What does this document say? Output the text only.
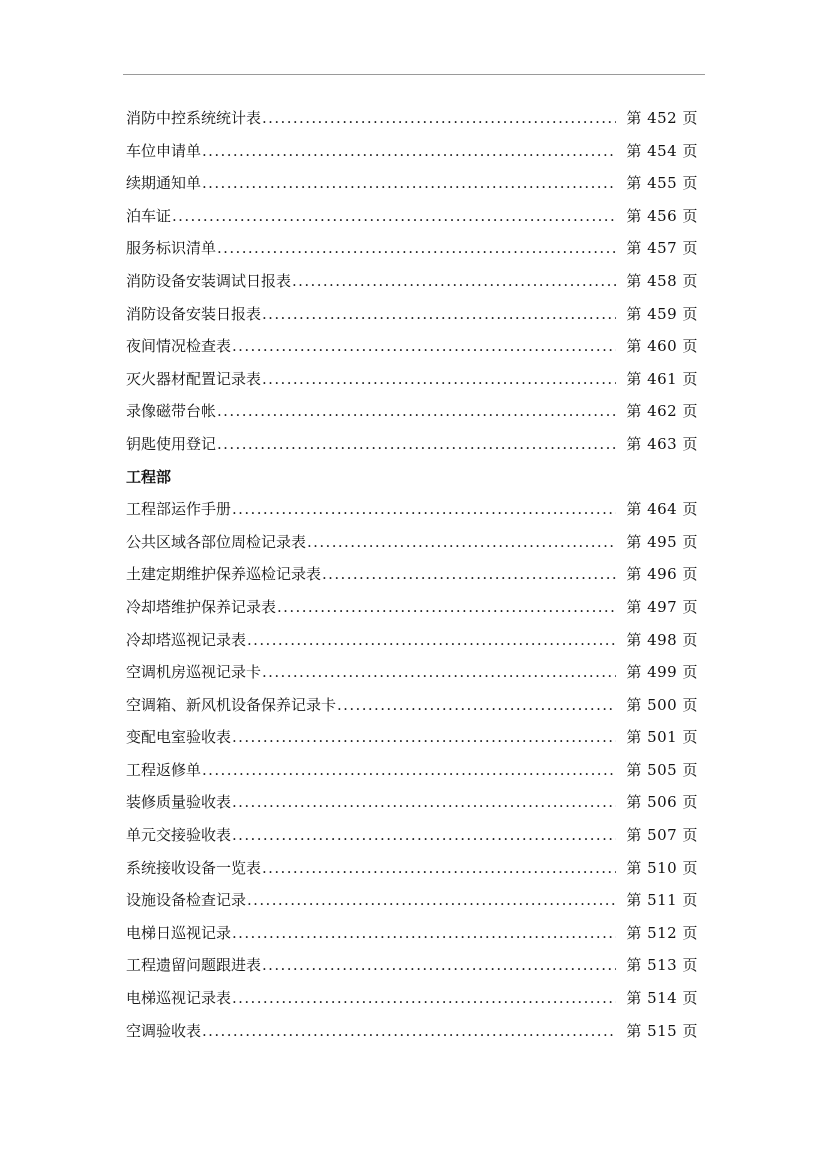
消防中控系统统计表 .....	第 452 页
车位申请单 .....	第 454 页
续期通知单 .....	第 455 页
泊车证 .....	第 456 页
服务标识清单 .....	第 457 页
消防设备安装调试日报表 .....	第 458 页
消防设备安装日报表 .....	第 459 页
夜间情况检查表 .....	第 460 页
灭火器材配置记录表 .....	第 461 页
录像磁带台帐 .....	第 462 页
钥匙使用登记 .....	第 463 页
工程部
工程部运作手册 .....	第 464 页
公共区域各部位周检记录表 .....	第 495 页
土建定期维护保养巡检记录表 .....	第 496 页
冷却塔维护保养记录表 .....	第 497 页
冷却塔巡视记录表 .....	第 498 页
空调机房巡视记录卡 .....	第 499 页
空调箱、新风机设备保养记录卡 .....	第 500 页
变配电室验收表 .....	第 501 页
工程返修单 .....	第 505 页
装修质量验收表 .....	第 506 页
单元交接验收表 .....	第 507 页
系统接收设备一览表 .....	第 510 页
设施设备检查记录 .....	第 511 页
电梯日巡视记录 .....	第 512 页
工程遗留问题跟进表 .....	第 513 页
电梯巡视记录表 .....	第 514 页
空调验收表 .....	第 515 页
